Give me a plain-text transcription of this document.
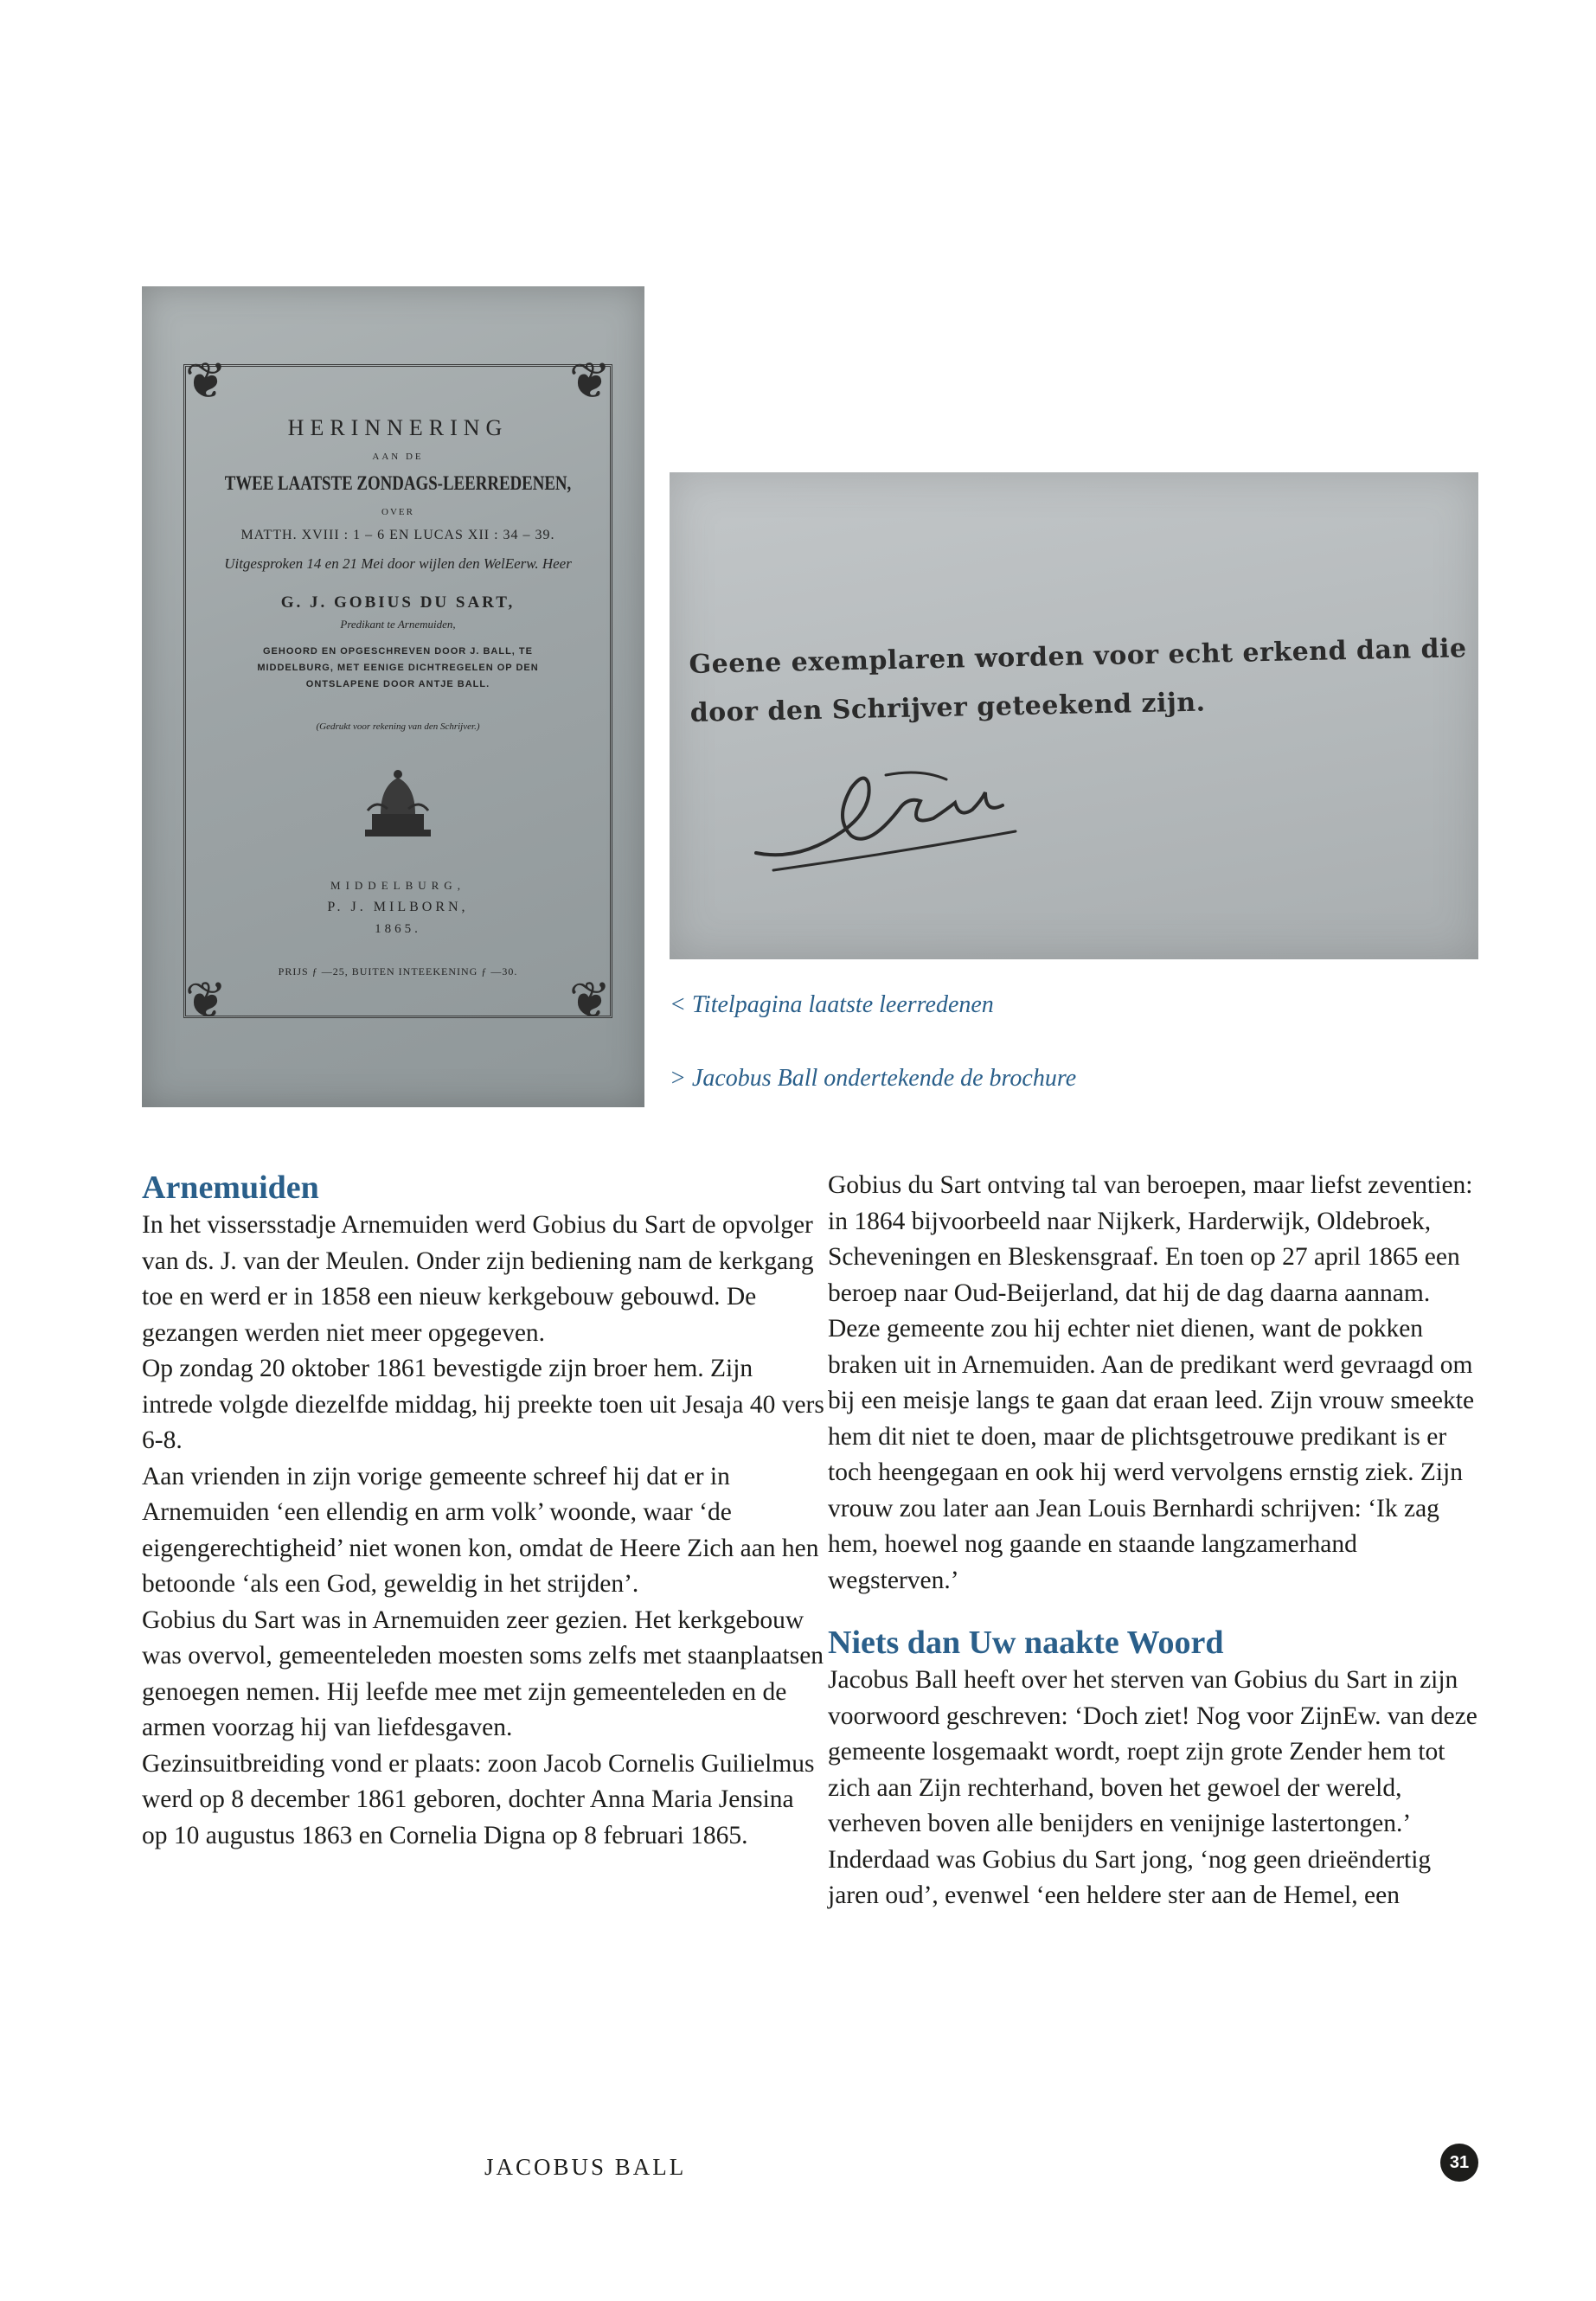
❦	❦
❦	❦
HERINNERING
AAN DE
TWEE LAATSTE ZONDAGS-LEERREDENEN,
OVER
MATTH. XVIII : 1 – 6 EN LUCAS XII : 34 – 39.
Uitgesproken 14 en 21 Mei door wijlen den WelEerw. Heer
G. J. GOBIUS DU SART,
Predikant te Arnemuiden,
GEHOORD EN OPGESCHREVEN DOOR J. BALL, TE MIDDELBURG, MET EENIGE DICHTREGELEN OP DEN ONTSLAPENE DOOR ANTJE BALL.
(Gedrukt voor rekening van den Schrijver.)
MIDDELBURG,
P. J. MILBORN,
1865.
PRIJS ƒ —25, BUITEN INTEEKENING ƒ —30.
Geene exemplaren worden voor echt erkend dan die
door den Schrijver geteekend zijn.
< Titelpagina laatste leerredenen
> Jacobus Ball ondertekende de brochure
Arnemuiden

In het vissersstadje Arnemuiden werd Gobius du Sart de opvolger van ds. J. van der Meulen. Onder zijn bediening nam de kerkgang toe en werd er in 1858 een nieuw kerkgebouw gebouwd. De gezangen werden niet meer opgegeven.

Op zondag 20 oktober 1861 bevestigde zijn broer hem. Zijn intrede volgde diezelfde middag, hij preekte toen uit Jesaja 40 vers 6-8.

Aan vrienden in zijn vorige gemeente schreef hij dat er in Arnemuiden ‘een ellendig en arm volk’ woonde, waar ‘de eigengerechtigheid’ niet wonen kon, omdat de Heere Zich aan hen betoonde ‘als een God, geweldig in het strijden’.

Gobius du Sart was in Arnemuiden zeer gezien. Het kerkgebouw was overvol, gemeenteleden moesten soms zelfs met staanplaatsen genoegen nemen. Hij leefde mee met zijn gemeenteleden en de armen voorzag hij van liefdesgaven.

Gezinsuitbreiding vond er plaats: zoon Jacob Cornelis Guilielmus werd op 8 december 1861 geboren, dochter Anna Maria Jensina op 10 augustus 1863 en Cornelia Digna op 8 februari 1865.

Gobius du Sart ontving tal van beroepen, maar liefst zeventien: in 1864 bijvoorbeeld naar Nijkerk, Harderwijk, Oldebroek, Scheveningen en Bleskensgraaf. En toen op 27 april 1865 een beroep naar Oud-Beijerland, dat hij de dag daarna aannam. Deze gemeente zou hij echter niet dienen, want de pokken braken uit in Arnemuiden. Aan de predikant werd gevraagd om bij een meisje langs te gaan dat eraan leed. Zijn vrouw smeekte hem dit niet te doen, maar de plichtsgetrouwe predikant is er toch heengegaan en ook hij werd vervolgens ernstig ziek. Zijn vrouw zou later aan Jean Louis Bernhardi schrijven: ‘Ik zag hem, hoewel nog gaande en staande langzamerhand wegsterven.’

Niets dan Uw naakte Woord

Jacobus Ball heeft over het sterven van Gobius du Sart in zijn voorwoord geschreven: ‘Doch ziet! Nog voor ZijnEw. van deze gemeente losgemaakt wordt, roept zijn grote Zender hem tot zich aan Zijn rechterhand, boven het gewoel der wereld, verheven boven alle benijders en venijnige lastertongen.’ Inderdaad was Gobius du Sart jong, ‘nog geen drieëndertig jaren oud’, evenwel ‘een heldere ster aan de Hemel, een

JACOBUS BALL	31
